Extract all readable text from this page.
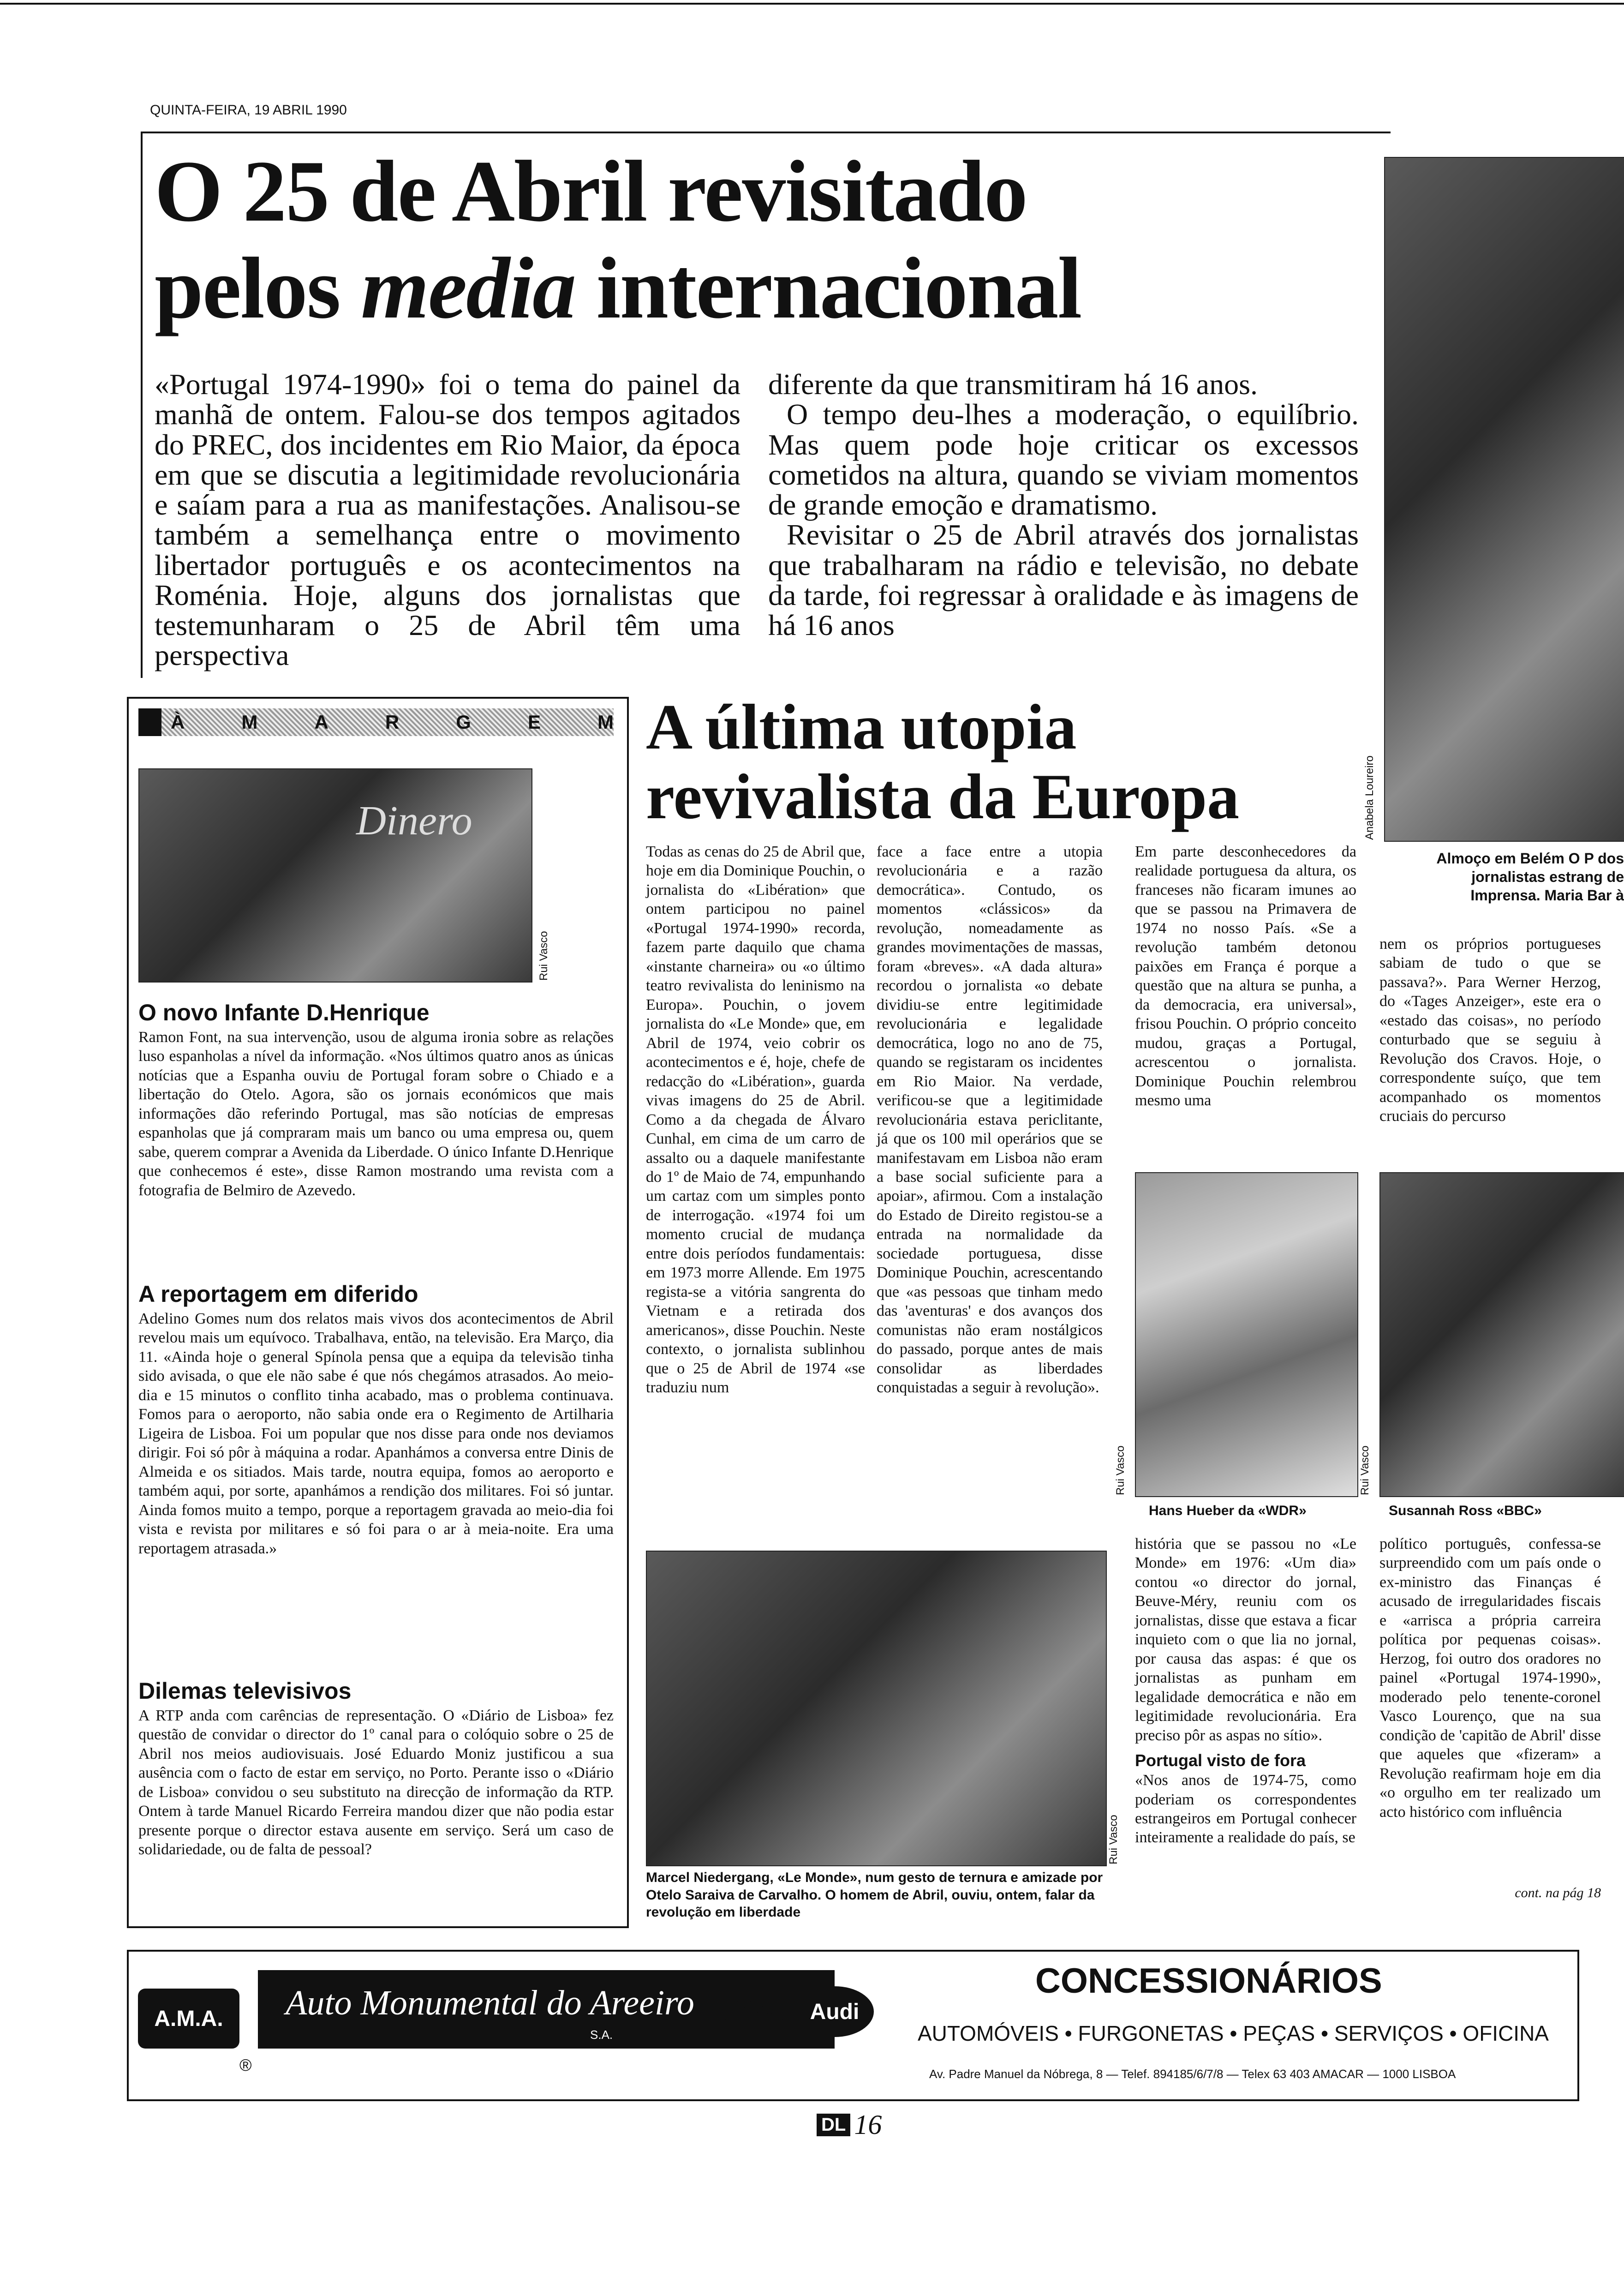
QUINTA-FEIRA, 19 ABRIL 1990
O 25 de Abril revisitado
pelos media internacional
«Portugal 1974-1990» foi o tema do painel da manhã de ontem. Falou-se dos tempos agitados do PREC, dos incidentes em Rio Maior, da época em que se discutia a legitimidade revolucionária e saíam para a rua as manifestações. Analisou-se também a semelhança entre o movimento libertador português e os acontecimentos na Roménia. Hoje, alguns dos jornalistas que testemunharam o 25 de Abril têm uma perspectiva
diferente da que transmitiram há 16 anos.
O tempo deu-lhes a moderação, o equilíbrio. Mas quem pode hoje criticar os excessos cometidos na altura, quando se viviam momentos de grande emoção e dramatismo.
Revisitar o 25 de Abril através dos jornalistas que trabalharam na rádio e televisão, no debate da tarde, foi regressar à oralidade e às imagens de há 16 anos
Anabela Loureiro
Almoço em Belém O P dos jornalistas estrang de Imprensa. Maria Bar à
À	M	A	R	G	E	M
Dinero
Rui Vasco
O novo Infante D.Henrique
Ramon Font, na sua intervenção, usou de alguma ironia sobre as relações luso espanholas a nível da informação. «Nos últimos quatro anos as únicas notícias que a Espanha ouviu de Portugal foram sobre o Chiado e a libertação do Otelo. Agora, são os jornais económicos que mais informações dão referindo Portugal, mas são notícias de empresas espanholas que já compraram mais um banco ou uma empresa ou, quem sabe, querem comprar a Avenida da Liberdade. O único Infante D.Henrique que conhecemos é este», disse Ramon mostrando uma revista com a fotografia de Belmiro de Azevedo.
A reportagem em diferido
Adelino Gomes num dos relatos mais vivos dos acontecimentos de Abril revelou mais um equívoco. Trabalhava, então, na televisão. Era Março, dia 11. «Ainda hoje o general Spínola pensa que a equipa da televisão tinha sido avisada, o que ele não sabe é que nós chegámos atrasados. Ao meio-dia e 15 minutos o conflito tinha acabado, mas o problema continuava. Fomos para o aeroporto, não sabia onde era o Regimento de Artilharia Ligeira de Lisboa. Foi um popular que nos disse para onde nos deviamos dirigir. Foi só pôr à máquina a rodar. Apanhámos a conversa entre Dinis de Almeida e os sitiados. Mais tarde, noutra equipa, fomos ao aeroporto e também aqui, por sorte, apanhámos a rendição dos militares. Foi só juntar. Ainda fomos muito a tempo, porque a reportagem gravada ao meio-dia foi vista e revista por militares e só foi para o ar à meia-noite. Era uma reportagem atrasada.»
Dilemas televisivos
A RTP anda com carências de representação. O «Diário de Lisboa» fez questão de convidar o director do 1º canal para o colóquio sobre o 25 de Abril nos meios audiovisuais. José Eduardo Moniz justificou a sua ausência com o facto de estar em serviço, no Porto. Perante isso o «Diário de Lisboa» convidou o seu substituto na direcção de informação da RTP. Ontem à tarde Manuel Ricardo Ferreira mandou dizer que não podia estar presente porque o director estava ausente em serviço. Será um caso de solidariedade, ou de falta de pessoal?
A última utopia
revivalista da Europa
Todas as cenas do 25 de Abril que, hoje em dia Dominique Pouchin, o jornalista do «Libération» que ontem participou no painel «Portugal 1974-1990» recorda, fazem parte daquilo que chama «instante charneira» ou «o último teatro revivalista do leninismo na Europa». Pouchin, o jovem jornalista do «Le Monde» que, em Abril de 1974, veio cobrir os acontecimentos e é, hoje, chefe de redacção do «Libération», guarda vivas imagens do 25 de Abril. Como a da chegada de Álvaro Cunhal, em cima de um carro de assalto ou a daquele manifestante do 1º de Maio de 74, empunhando um cartaz com um simples ponto de interrogação. «1974 foi um momento crucial de mudança entre dois períodos fundamentais: em 1973 morre Allende. Em 1975 regista-se a vitória sangrenta do Vietnam e a retirada dos americanos», disse Pouchin. Neste contexto, o jornalista sublinhou que o 25 de Abril de 1974 «se traduziu num
face a face entre a utopia revolucionária e a razão democrática». Contudo, os momentos «clássicos» da revolução, nomeadamente as grandes movimentações de massas, foram «breves». «A dada altura» recordou o jornalista «o debate dividiu-se entre legitimidade revolucionária e legalidade democrática, logo no ano de 75, quando se registaram os incidentes em Rio Maior. Na verdade, verificou-se que a legitimidade revolucionária estava periclitante, já que os 100 mil operários que se manifestavam em Lisboa não eram a base social suficiente para a apoiar», afirmou. Com a instalação do Estado de Direito registou-se a entrada na normalidade da sociedade portuguesa, disse Dominique Pouchin, acrescentando que «as pessoas que tinham medo das 'aventuras' e dos avanços dos comunistas não eram nostálgicos do passado, porque antes de mais consolidar as liberdades conquistadas a seguir à revolução».
Em parte desconhecedores da realidade portuguesa da altura, os franceses não ficaram imunes ao que se passou na Primavera de 1974 no nosso País. «Se a revolução também detonou paixões em França é porque a questão que na altura se punha, a da democracia, era universal», frisou Pouchin. O próprio conceito mudou, graças a Portugal, acrescentou o jornalista. Dominique Pouchin relembrou mesmo uma
nem os próprios portugueses sabiam de tudo o que se passava?». Para Werner Herzog, do «Tages Anzeiger», este era o «estado das coisas», no período conturbado que se seguiu à Revolução dos Cravos. Hoje, o correspondente suíço, que tem acompanhado os momentos cruciais do percurso
Rui Vasco
Hans Hueber da «WDR»
Rui Vasco
Susannah Ross «BBC»
Rui Vasco
Marcel Niedergang, «Le Monde», num gesto de ternura e amizade por Otelo Saraiva de Carvalho. O homem de Abril, ouviu, ontem, falar da revolução em liberdade
história que se passou no «Le Monde» em 1976: «Um dia» contou «o director do jornal, Beuve-Méry, reuniu com os jornalistas, disse que estava a ficar inquieto com o que lia no jornal, por causa das aspas: é que os jornalistas as punham em legalidade democrática e não em legitimidade revolucionária. Era preciso pôr as aspas no sítio».
Portugal visto de fora
«Nos anos de 1974-75, como poderiam os correspondentes estrangeiros em Portugal conhecer inteiramente a realidade do país, se
político português, confessa-se surpreendido com um país onde o ex-ministro das Finanças é acusado de irregularidades fiscais e «arrisca a própria carreira política por pequenas coisas». Herzog, foi outro dos oradores no painel «Portugal 1974-1990», moderado pelo tenente-coronel Vasco Lourenço, que na sua condição de 'capitão de Abril' disse que aqueles que «fizeram» a Revolução reafirmam hoje em dia «o orgulho em ter realizado um acto histórico com influência
cont. na pág 18
A.M.A.
®
Auto Monumental do Areeiro
S.A.
VW	Audi
CONCESSIONÁRIOS
AUTOMÓVEIS • FURGONETAS • PEÇAS • SERVIÇOS • OFICINA
Av. Padre Manuel da Nóbrega, 8 — Telef. 894185/6/7/8 — Telex 63 403 AMACAR — 1000 LISBOA
DL 16
